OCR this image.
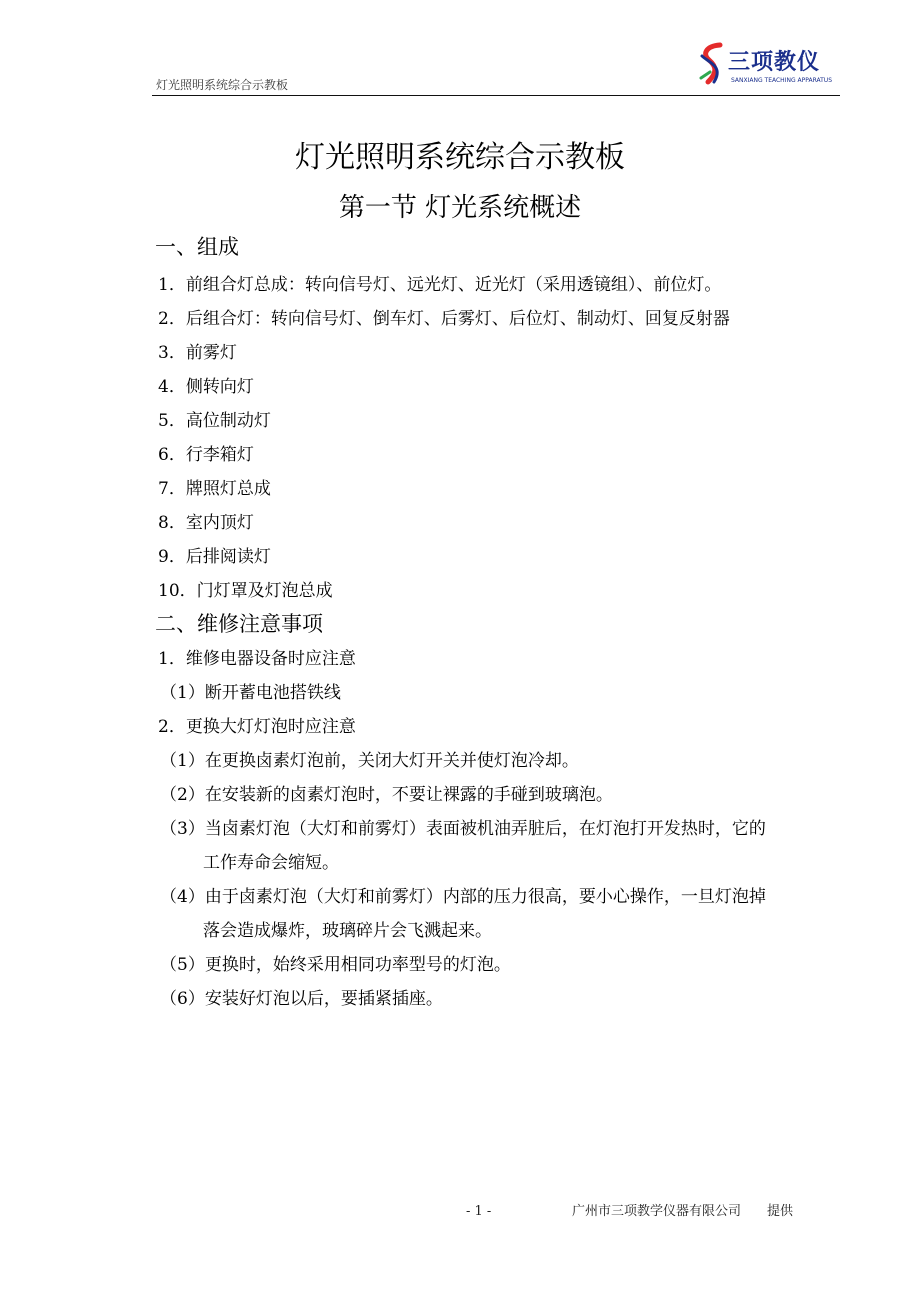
灯光照明系统综合示教板
三项教仪
SANXIANG TEACHING APPARATUS
灯光照明系统综合示教板
第一节 灯光系统概述
一、组成
1．前组合灯总成：转向信号灯、远光灯、近光灯（采用透镜组）、前位灯。
2．后组合灯：转向信号灯、倒车灯、后雾灯、后位灯、制动灯、回复反射器
3．前雾灯
4．侧转向灯
5．高位制动灯
6．行李箱灯
7．牌照灯总成
8．室内顶灯
9．后排阅读灯
10．门灯罩及灯泡总成
二、维修注意事项
1．维修电器设备时应注意
（1）断开蓄电池搭铁线
2．更换大灯灯泡时应注意
（1）在更换卤素灯泡前，关闭大灯开关并使灯泡冷却。
（2）在安装新的卤素灯泡时，不要让裸露的手碰到玻璃泡。
（3）当卤素灯泡（大灯和前雾灯）表面被机油弄脏后，在灯泡打开发热时，它的
工作寿命会缩短。
（4）由于卤素灯泡（大灯和前雾灯）内部的压力很高，要小心操作，一旦灯泡掉
落会造成爆炸，玻璃碎片会飞溅起来。
（5）更换时，始终采用相同功率型号的灯泡。
（6）安装好灯泡以后，要插紧插座。
- 1 -	广州市三项教学仪器有限公司 提供
